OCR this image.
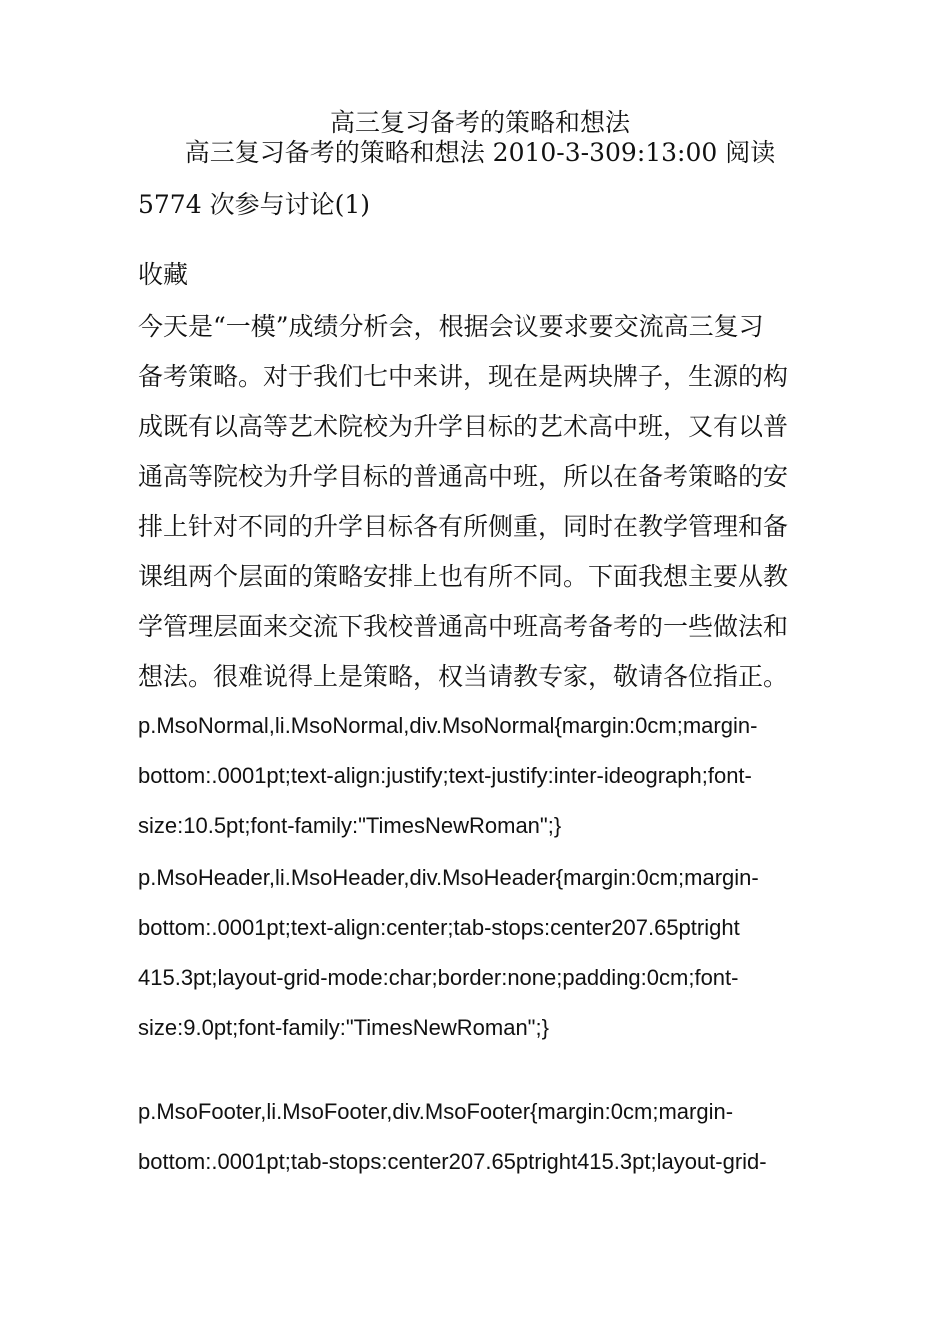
高三复习备考的策略和想法
高三复习备考的策略和想法 2010-3-309:13:00 阅读
5774 次参与讨论(1)
收藏
今天是“一模”成绩分析会，根据会议要求要交流高三复习
备考策略。对于我们七中来讲，现在是两块牌子，生源的构
成既有以高等艺术院校为升学目标的艺术高中班，又有以普
通高等院校为升学目标的普通高中班，所以在备考策略的安
排上针对不同的升学目标各有所侧重，同时在教学管理和备
课组两个层面的策略安排上也有所不同。下面我想主要从教
学管理层面来交流下我校普通高中班高考备考的一些做法和
想法。很难说得上是策略，权当请教专家，敬请各位指正。
p.MsoNormal,li.MsoNormal,div.MsoNormal{margin:0cm;margin-
bottom:.0001pt;text-align:justify;text-justify:inter-ideograph;font-
size:10.5pt;font-family:"TimesNewRoman";}
p.MsoHeader,li.MsoHeader,div.MsoHeader{margin:0cm;margin-
bottom:.0001pt;text-align:center;tab-stops:center207.65ptright
415.3pt;layout-grid-mode:char;border:none;padding:0cm;font-
size:9.0pt;font-family:"TimesNewRoman";}
p.MsoFooter,li.MsoFooter,div.MsoFooter{margin:0cm;margin-
bottom:.0001pt;tab-stops:center207.65ptright415.3pt;layout-grid-
